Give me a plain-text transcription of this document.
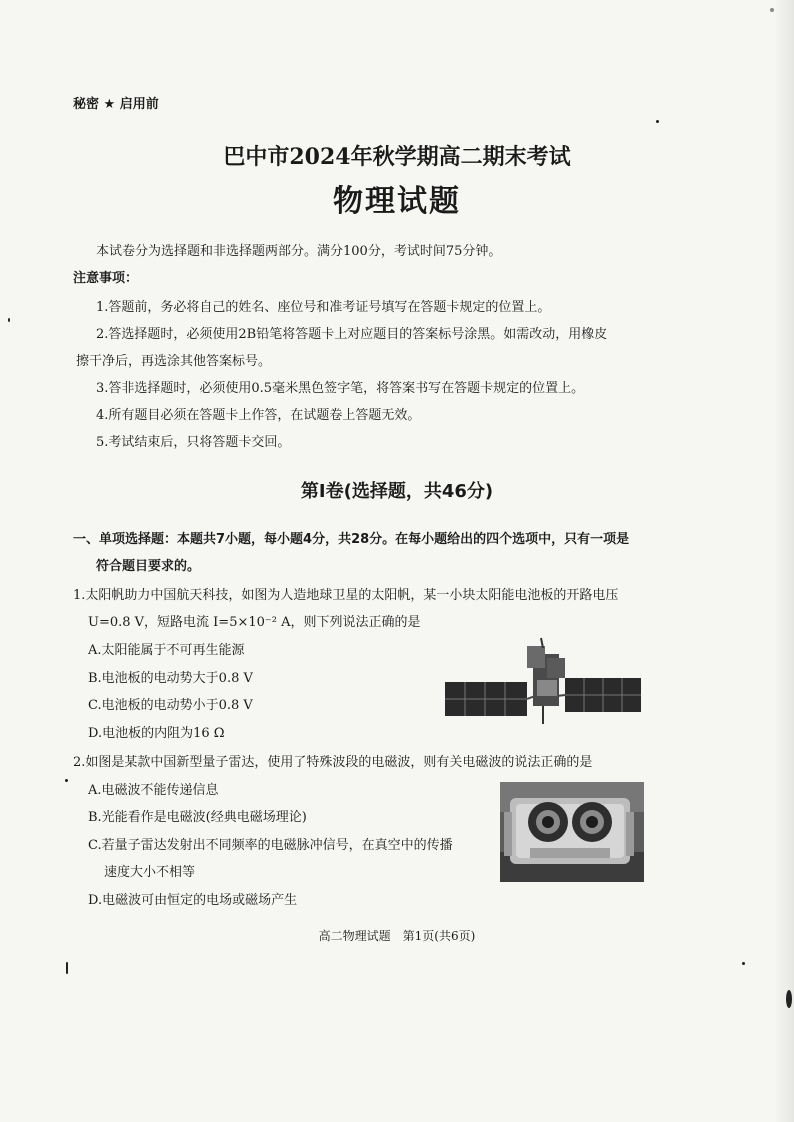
秘密 ★ 启用前
巴中市2024年秋学期高二期末考试
物理试题
本试卷分为选择题和非选择题两部分。满分100分，考试时间75分钟。
注意事项：
1.答题前，务必将自己的姓名、座位号和准考证号填写在答题卡规定的位置上。
2.答选择题时，必须使用2B铅笔将答题卡上对应题目的答案标号涂黑。如需改动，用橡皮
擦干净后，再选涂其他答案标号。
3.答非选择题时，必须使用0.5毫米黑色签字笔，将答案书写在答题卡规定的位置上。
4.所有题目必须在答题卡上作答，在试题卷上答题无效。
5.考试结束后，只将答题卡交回。
第Ⅰ卷(选择题，共46分)
一、单项选择题：本题共7小题，每小题4分，共28分。在每小题给出的四个选项中，只有一项是
符合题目要求的。
1.太阳帆助力中国航天科技，如图为人造地球卫星的太阳帆，某一小块太阳能电池板的开路电压
U=0.8 V，短路电流 I=5×10⁻² A，则下列说法正确的是
A.太阳能属于不可再生能源
B.电池板的电动势大于0.8 V
C.电池板的电动势小于0.8 V
D.电池板的内阻为16 Ω
2.如图是某款中国新型量子雷达，使用了特殊波段的电磁波，则有关电磁波的说法正确的是
A.电磁波不能传递信息
B.光能看作是电磁波(经典电磁场理论)
C.若量子雷达发射出不同频率的电磁脉冲信号，在真空中的传播
速度大小不相等
D.电磁波可由恒定的电场或磁场产生
高二物理试题　第1页(共6页)
